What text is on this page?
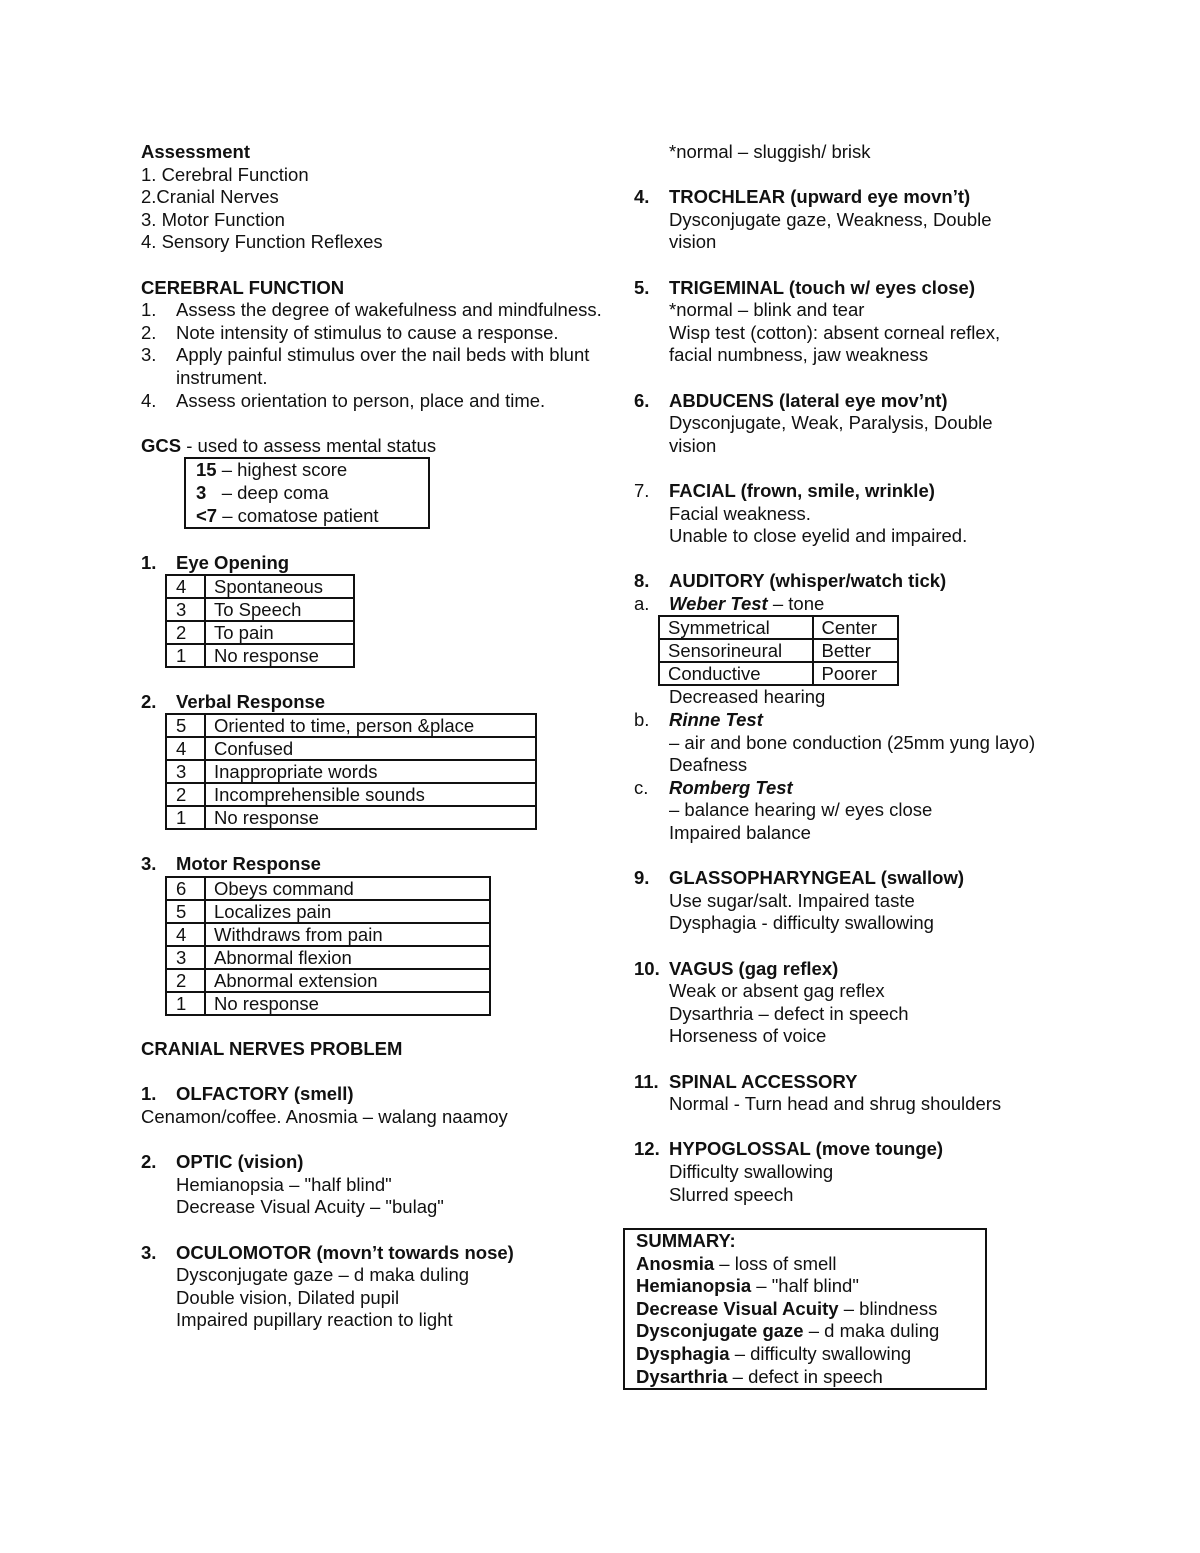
Assessment
1. Cerebral Function
2.Cranial Nerves
3. Motor Function
4. Sensory Function Reflexes
CEREBRAL FUNCTION
1.	Assess the degree of wakefulness and mindfulness.
2.	Note intensity of stimulus to cause a response.
3.	Apply painful stimulus over the nail beds with blunt instrument.
4.	Assess orientation to person, place and time.
GCS - used to assess mental status
15 – highest score
3   – deep coma
<7 – comatose patient
1.	Eye Opening
4	Spontaneous
3	To Speech
2	To pain
1	No response
2.	Verbal Response
5	Oriented to time, person &place
4	Confused
3	Inappropriate words
2	Incomprehensible sounds
1	No response
3.	Motor Response
6	Obeys command
5	Localizes pain
4	Withdraws from pain
3	Abnormal flexion
2	Abnormal extension
1	No response
CRANIAL NERVES PROBLEM
1.	OLFACTORY (smell)
Cenamon/coffee. Anosmia – walang naamoy
2.	OPTIC (vision)
Hemianopsia – "half blind"
Decrease Visual Acuity – "bulag"
3.	OCULOMOTOR (movn’t towards nose)
Dysconjugate gaze – d maka duling
Double vision, Dilated pupil
Impaired pupillary reaction to light
*normal – sluggish/ brisk
4.	TROCHLEAR (upward eye movn’t)
Dysconjugate gaze, Weakness, Double
vision
5.	TRIGEMINAL (touch w/ eyes close)
*normal – blink and tear
Wisp test (cotton): absent corneal reflex,
facial numbness, jaw weakness
6.	ABDUCENS (lateral eye mov’nt)
Dysconjugate, Weak, Paralysis, Double
vision
7.	FACIAL (frown, smile, wrinkle)
Facial weakness.
Unable to close eyelid and impaired.
8.	AUDITORY (whisper/watch tick)
a.	Weber Test – tone
Symmetrical	Center
Sensorineural	Better
Conductive	Poorer
Decreased hearing
b.	Rinne Test
– air and bone conduction (25mm yung layo)
Deafness
c.	Romberg Test
– balance hearing w/ eyes close
Impaired balance
9.	GLASSOPHARYNGEAL (swallow)
Use sugar/salt. Impaired taste
Dysphagia - difficulty swallowing
10. VAGUS (gag reflex)
Weak or absent gag reflex
Dysarthria – defect in speech
Horseness of voice
11. SPINAL ACCESSORY
Normal - Turn head and shrug shoulders
12. HYPOGLOSSAL (move tounge)
Difficulty swallowing
Slurred speech
SUMMARY:
Anosmia – loss of smell
Hemianopsia – "half blind"
Decrease Visual Acuity – blindness
Dysconjugate gaze – d maka duling
Dysphagia – difficulty swallowing
Dysarthria – defect in speech
